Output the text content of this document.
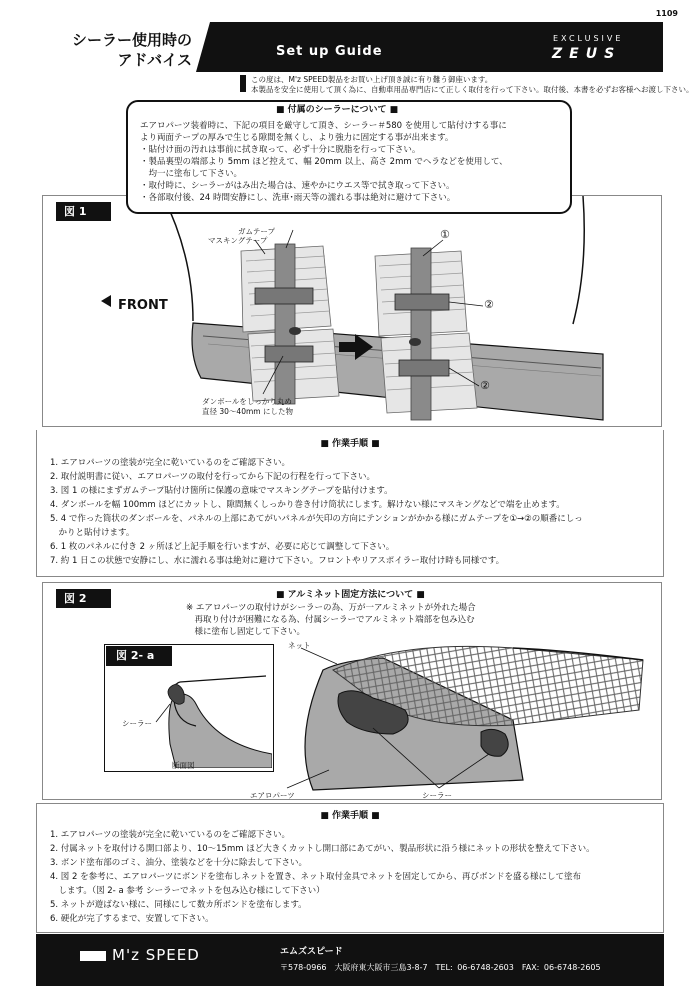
1109
シーラー使用時の
アドバイス	Set up Guide
EXCLUSIVE
ZEUS
この度は、M'z SPEED製品をお買い上げ頂き誠に有り難う御座います。
本製品を安全に使用して頂く為に、自動車用品専門店にて正しく取付を行って下さい。取付後、本書を必ずお客様へお渡し下さい。
図 1
ガムテープ
マスキングテープ	①
②
②
FRONT
ダンボールをしっかり丸め
直径 30～40mm にした物
■ 付属のシーラーについて ■
エアロパーツ装着時に、下記の項目を厳守して頂き、シーラー＃580 を使用して貼付けする事に
より両面テープの厚みで生じる隙間を無くし、より強力に固定する事が出来ます。
・貼付け面の汚れは事前に拭き取って、必ず十分に脱脂を行って下さい。
・製品裏型の端部より 5mm ほど控えて、幅 20mm 以上、高さ 2mm でヘラなどを使用して、
　均一に塗布して下さい。
・取付時に、シーラーがはみ出た場合は、速やかにウエス等で拭き取って下さい。
・各部取付後、24 時間安静にし、洗車･雨天等の濡れる事は絶対に避けて下さい。
■ 作業手順 ■
1. エアロパーツの塗装が完全に乾いているのをご確認下さい。
2. 取付説明書に従い、エアロパーツの取付を行ってから下記の行程を行って下さい。
3. 図 1 の様にまずガムテープ貼付け箇所に保護の意味でマスキングテープを貼付けます。
4. ダンボールを幅 100mm ほどにカットし、隙間無くしっかり巻き付け筒状にします。解けない様にマスキングなどで端を止めます。
5. 4 で作った筒状のダンボールを、パネルの上部にあてがいパネルが矢印の方向にテンションがかかる様にガムテープを①→②の順番にしっ
　かりと貼付けます。
6. 1 枚のパネルに付き 2 ヶ所ほど上記手順を行いますが、必要に応じて調整して下さい。
7. 約 1 日この状態で安静にし、水に濡れる事は絶対に避けて下さい。フロントやリアスポイラー取付け時も同様です。
図 2	■ アルミネット固定方法について ■
※ エアロパーツの取付けがシーラーの為、万が一アルミネットが外れた場合
　再取り付けが困難になる為、付属シーラーでアルミネット端部を包み込む
　様に塗布し固定して下さい。
図 2- a
ネット
シーラー
断面図
エアロパーツ	シーラー
■ 作業手順 ■
1. エアロパーツの塗装が完全に乾いているのをご確認下さい。
2. 付属ネットを取付ける開口部より、10～15mm ほど大きくカットし開口部にあてがい、製品形状に沿う様にネットの形状を整えて下さい。
3. ボンド塗布部のゴミ、油分、塗装などを十分に除去して下さい。
4. 図 2 を参考に、エアロパーツにボンドを塗布しネットを置き、ネット取付金具でネットを固定してから、再びボンドを盛る様にして塗布
　します。（図 2- a 参考 シーラーでネットを包み込む様にして下さい）
5. ネットが遊ばない様に、同様にして数カ所ボンドを塗布します。
6. 硬化が完了するまで、安置して下さい。
M'z SPEED	エムズスピード
〒578-0966　大阪府東大阪市三島3-8-7　TEL: 06-6748-2603　FAX: 06-6748-2605
